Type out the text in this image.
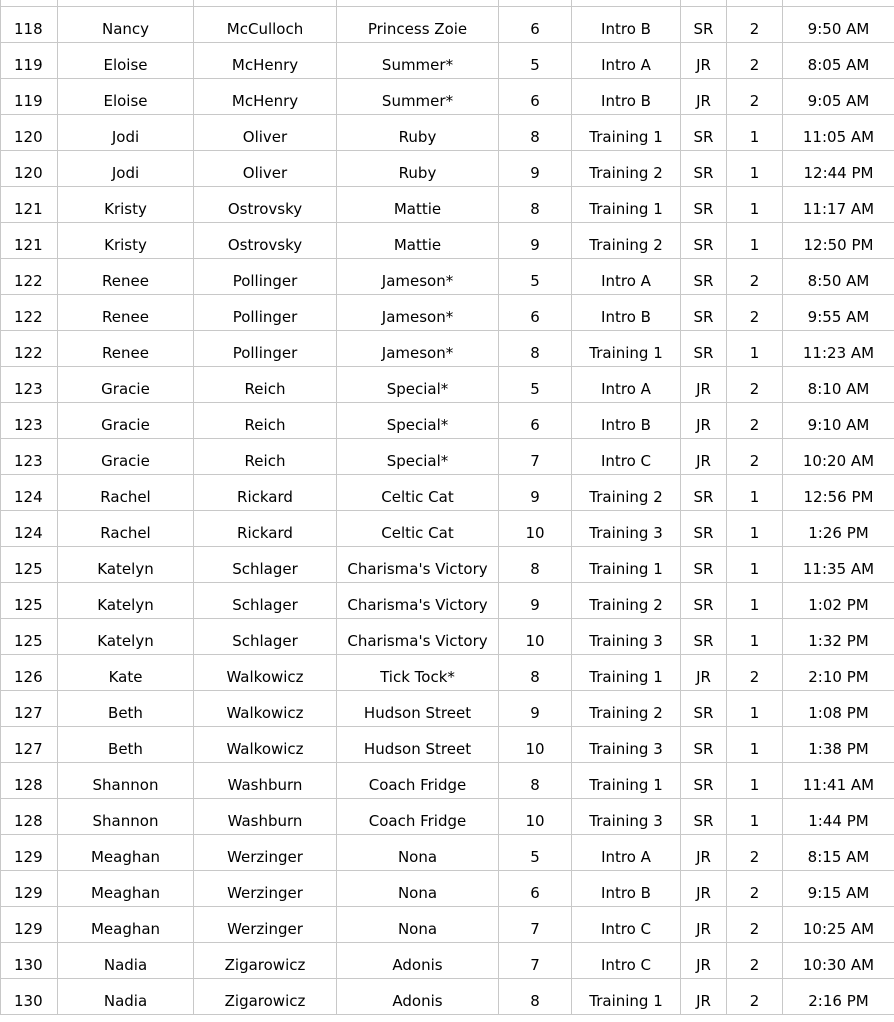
118	Nancy	McCulloch	Princess Zoie	6	Intro B	SR	2	9:50 AM
119	Eloise	McHenry	Summer*	5	Intro A	JR	2	8:05 AM
119	Eloise	McHenry	Summer*	6	Intro B	JR	2	9:05 AM
120	Jodi	Oliver	Ruby	8	Training 1	SR	1	11:05 AM
120	Jodi	Oliver	Ruby	9	Training 2	SR	1	12:44 PM
121	Kristy	Ostrovsky	Mattie	8	Training 1	SR	1	11:17 AM
121	Kristy	Ostrovsky	Mattie	9	Training 2	SR	1	12:50 PM
122	Renee	Pollinger	Jameson*	5	Intro A	SR	2	8:50 AM
122	Renee	Pollinger	Jameson*	6	Intro B	SR	2	9:55 AM
122	Renee	Pollinger	Jameson*	8	Training 1	SR	1	11:23 AM
123	Gracie	Reich	Special*	5	Intro A	JR	2	8:10 AM
123	Gracie	Reich	Special*	6	Intro B	JR	2	9:10 AM
123	Gracie	Reich	Special*	7	Intro C	JR	2	10:20 AM
124	Rachel	Rickard	Celtic Cat	9	Training 2	SR	1	12:56 PM
124	Rachel	Rickard	Celtic Cat	10	Training 3	SR	1	1:26 PM
125	Katelyn	Schlager	Charisma's Victory	8	Training 1	SR	1	11:35 AM
125	Katelyn	Schlager	Charisma's Victory	9	Training 2	SR	1	1:02 PM
125	Katelyn	Schlager	Charisma's Victory	10	Training 3	SR	1	1:32 PM
126	Kate	Walkowicz	Tick Tock*	8	Training 1	JR	2	2:10 PM
127	Beth	Walkowicz	Hudson Street	9	Training 2	SR	1	1:08 PM
127	Beth	Walkowicz	Hudson Street	10	Training 3	SR	1	1:38 PM
128	Shannon	Washburn	Coach Fridge	8	Training 1	SR	1	11:41 AM
128	Shannon	Washburn	Coach Fridge	10	Training 3	SR	1	1:44 PM
129	Meaghan	Werzinger	Nona	5	Intro A	JR	2	8:15 AM
129	Meaghan	Werzinger	Nona	6	Intro B	JR	2	9:15 AM
129	Meaghan	Werzinger	Nona	7	Intro C	JR	2	10:25 AM
130	Nadia	Zigarowicz	Adonis	7	Intro C	JR	2	10:30 AM
130	Nadia	Zigarowicz	Adonis	8	Training 1	JR	2	2:16 PM
